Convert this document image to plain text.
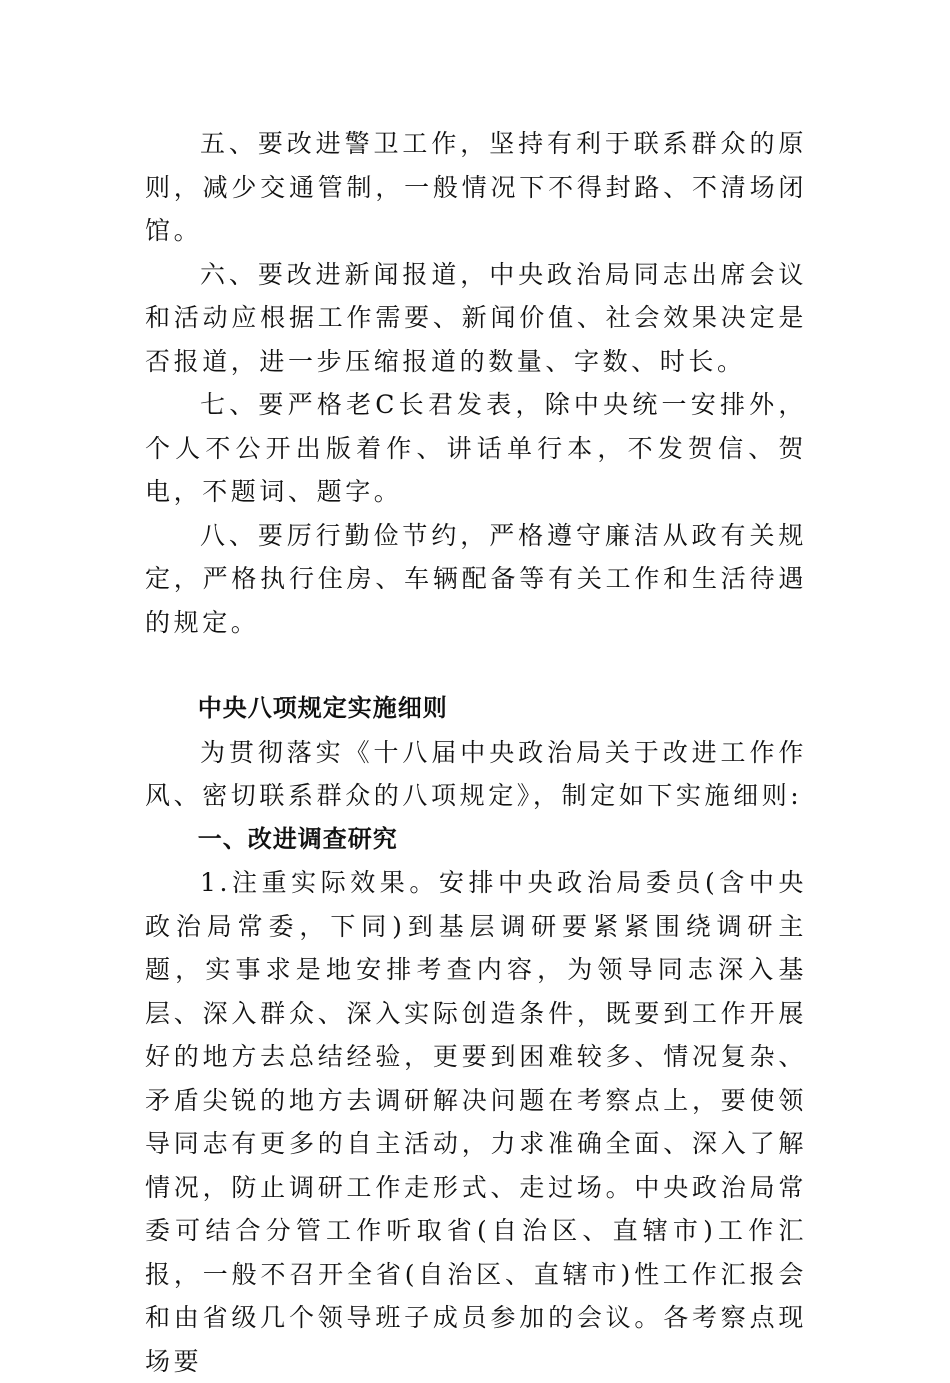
五、要改进警卫工作，坚持有利于联系群众的原则，减少交通管制，一般情况下不得封路、不清场闭馆。

六、要改进新闻报道，中央政治局同志出席会议和活动应根据工作需要、新闻价值、社会效果决定是否报道，进一步压缩报道的数量、字数、时长。

七、要严格老C长君发表，除中央统一安排外，个人不公开出版着作、讲话单行本，不发贺信、贺电，不题词、题字。

八、要厉行勤俭节约，严格遵守廉洁从政有关规定，严格执行住房、车辆配备等有关工作和生活待遇的规定。

中央八项规定实施细则

为贯彻落实《十八届中央政治局关于改进工作作风、密切联系群众的八项规定》，制定如下实施细则:

一、改进调查研究

1.注重实际效果。安排中央政治局委员(含中央政治局常委，下同)到基层调研要紧紧围绕调研主题，实事求是地安排考查内容，为领导同志深入基层、深入群众、深入实际创造条件，既要到工作开展好的地方去总结经验，更要到困难较多、情况复杂、矛盾尖锐的地方去调研解决问题在考察点上，要使领导同志有更多的自主活动，力求准确全面、深入了解情况，防止调研工作走形式、走过场。中央政治局常委可结合分管工作听取省(自治区、直辖市)工作汇报，一般不召开全省(自治区、直辖市)性工作汇报会和由省级几个领导班子成员参加的会议。各考察点现场要
